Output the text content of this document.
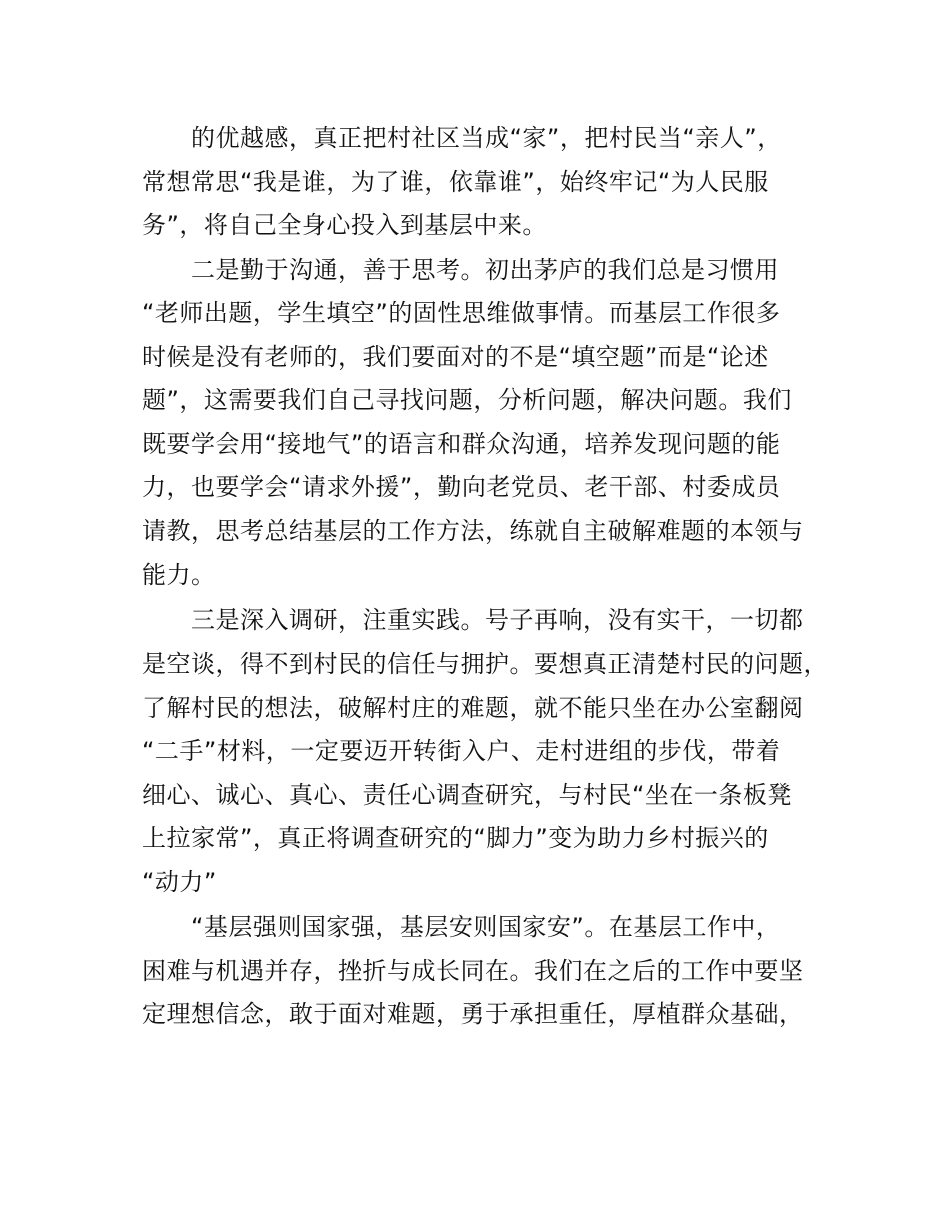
的优越感，真正把村社区当成“家”，把村民当“亲人”，
常想常思“我是谁，为了谁，依靠谁”，始终牢记“为人民服
务”，将自己全身心投入到基层中来。
二是勤于沟通，善于思考。初出茅庐的我们总是习惯用
“老师出题，学生填空”的固性思维做事情。而基层工作很多
时候是没有老师的，我们要面对的不是“填空题”而是“论述
题”，这需要我们自己寻找问题，分析问题，解决问题。我们
既要学会用“接地气”的语言和群众沟通，培养发现问题的能
力，也要学会“请求外援”，勤向老党员、老干部、村委成员
请教，思考总结基层的工作方法，练就自主破解难题的本领与
能力。
三是深入调研，注重实践。号子再响，没有实干，一切都
是空谈，得不到村民的信任与拥护。要想真正清楚村民的问题，
了解村民的想法，破解村庄的难题，就不能只坐在办公室翻阅
“二手”材料，一定要迈开转街入户、走村进组的步伐，带着
细心、诚心、真心、责任心调查研究，与村民“坐在一条板凳
上拉家常”，真正将调查研究的“脚力”变为助力乡村振兴的
“动力”
“基层强则国家强，基层安则国家安”。在基层工作中，
困难与机遇并存，挫折与成长同在。我们在之后的工作中要坚
定理想信念，敢于面对难题，勇于承担重任，厚植群众基础，
